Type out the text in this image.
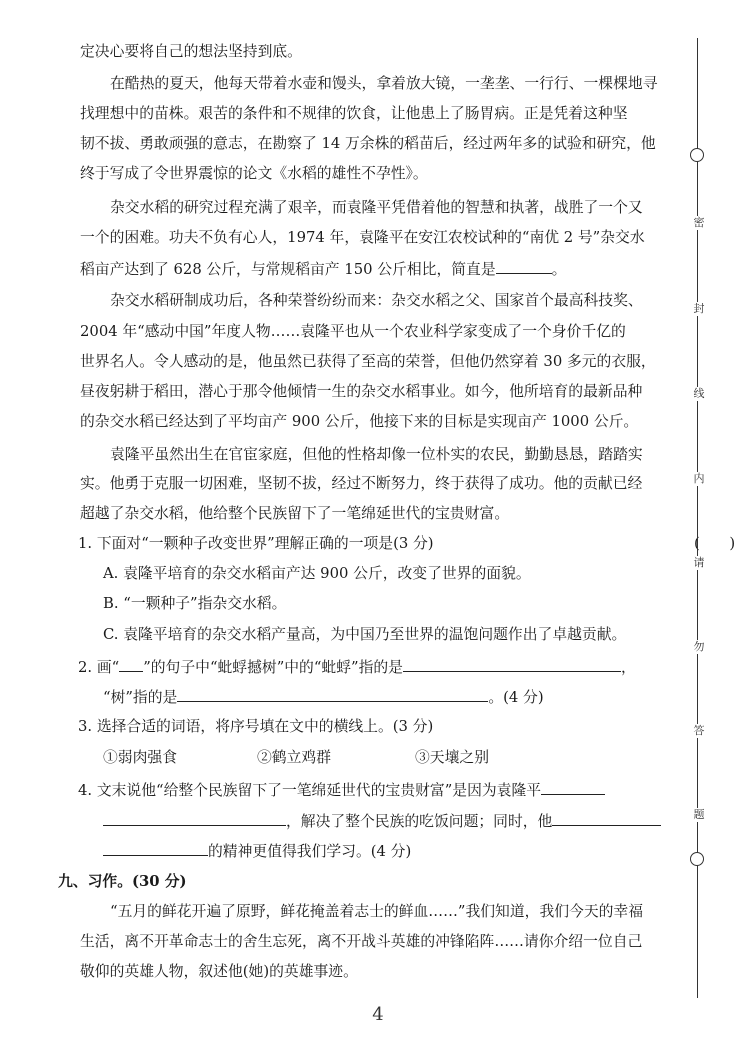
定决心要将自己的想法坚持到底。
在酷热的夏天，他每天带着水壶和馒头，拿着放大镜，一垄垄、一行行、一棵棵地寻
找理想中的苗株。艰苦的条件和不规律的饮食，让他患上了肠胃病。正是凭着这种坚
韧不拔、勇敢顽强的意志，在勘察了 14 万余株的稻苗后，经过两年多的试验和研究，他
终于写成了令世界震惊的论文《水稻的雄性不孕性》。
杂交水稻的研究过程充满了艰辛，而袁隆平凭借着他的智慧和执著，战胜了一个又
一个的困难。功夫不负有心人，1974 年，袁隆平在安江农校试种的“南优 2 号”杂交水
稻亩产达到了 628 公斤，与常规稻亩产 150 公斤相比，简直是	。
杂交水稻研制成功后，各种荣誉纷纷而来：杂交水稻之父、国家首个最高科技奖、
2004 年“感动中国”年度人物……袁隆平也从一个农业科学家变成了一个身价千亿的
世界名人。令人感动的是，他虽然已获得了至高的荣誉，但他仍然穿着 30 多元的衣服，
昼夜躬耕于稻田，潜心于那令他倾情一生的杂交水稻事业。如今，他所培育的最新品种
的杂交水稻已经达到了平均亩产 900 公斤，他接下来的目标是实现亩产 1000 公斤。
袁隆平虽然出生在官宦家庭，但他的性格却像一位朴实的农民，勤勤恳恳，踏踏实
实。他勇于克服一切困难，坚韧不拔，经过不断努力，终于获得了成功。他的贡献已经
超越了杂交水稻，他给整个民族留下了一笔绵延世代的宝贵财富。
1. 下面对“一颗种子改变世界”理解正确的一项是(3 分)	(　　)
A. 袁隆平培育的杂交水稻亩产达 900 公斤，改变了世界的面貌。
B. “一颗种子”指杂交水稻。
C. 袁隆平培育的杂交水稻产量高，为中国乃至世界的温饱问题作出了卓越贡献。
2. 画“ ”的句子中“蚍蜉撼树”中的“蚍蜉”指的是	，
“树”指的是	。(4 分)
3. 选择合适的词语，将序号填在文中的横线上。(3 分)
①弱肉强食	②鹤立鸡群	③天壤之别
4. 文末说他“给整个民族留下了一笔绵延世代的宝贵财富”是因为袁隆平
，解决了整个民族的吃饭问题；同时，他
的精神更值得我们学习。(4 分)
九、习作。(30 分)
“五月的鲜花开遍了原野，鲜花掩盖着志士的鲜血……”我们知道，我们今天的幸福
生活，离不开革命志士的舍生忘死，离不开战斗英雄的冲锋陷阵……请你介绍一位自己
敬仰的英雄人物，叙述他(她)的英雄事迹。
密
封
线
内
请
勿
答
题
4
